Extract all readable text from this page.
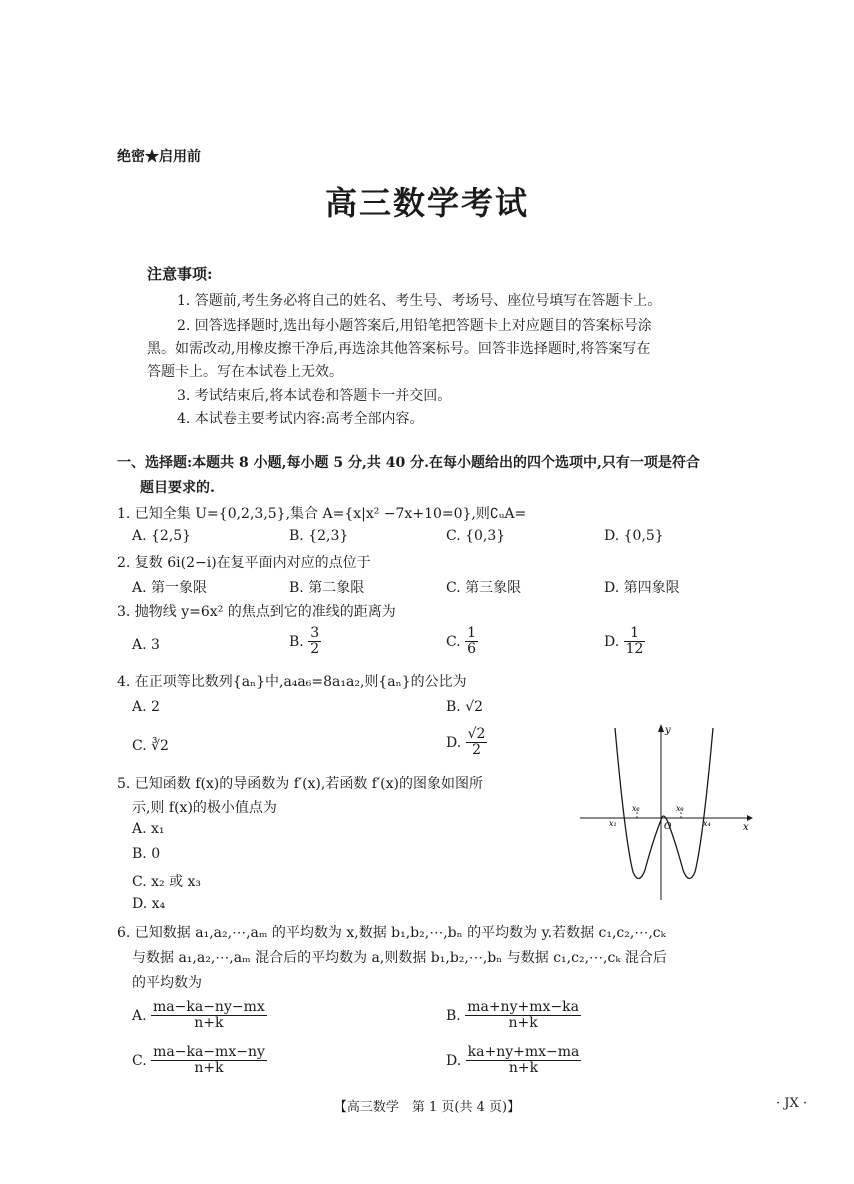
绝密★启用前
高三数学考试
注意事项:
1. 答题前,考生务必将自己的姓名、考生号、考场号、座位号填写在答题卡上。
2. 回答选择题时,选出每小题答案后,用铅笔把答题卡上对应题目的答案标号涂
黑。如需改动,用橡皮擦干净后,再选涂其他答案标号。回答非选择题时,将答案写在
答题卡上。写在本试卷上无效。
3. 考试结束后,将本试卷和答题卡一并交回。
4. 本试卷主要考试内容:高考全部内容。
一、选择题:本题共 8 小题,每小题 5 分,共 40 分.在每小题给出的四个选项中,只有一项是符合
题目要求的.
1. 已知全集 U={0,2,3,5},集合 A={x|x² −7x+10=0},则∁ᵤA=
A. {2,5}	B. {2,3}	C. {0,3}	D. {0,5}
2. 复数 6i(2−i)在复平面内对应的点位于
A. 第一象限	B. 第二象限	C. 第三象限	D. 第四象限
3. 抛物线 y=6x² 的焦点到它的准线的距离为
A. 3	B. $\frac{3}{2}$	C. $\frac{1}{6}$	D. $\frac{1}{12}$
4. 在正项等比数列{aₙ}中,a₄a₆=8a₁a₂,则{aₙ}的公比为
A. 2	B. √2
C. ∛2	D. $\frac{√2}{2}$
5. 已知函数 f(x)的导函数为 f′(x),若函数 f′(x)的图象如图所
示,则 f(x)的极小值点为
A. x₁
B. 0
C. x₂ 或 x₃
D. x₄
y
x
O
x₁
x₂	x₃
x₄
6. 已知数据 a₁,a₂,⋯,aₘ 的平均数为 x,数据 b₁,b₂,⋯,bₙ 的平均数为 y.若数据 c₁,c₂,⋯,cₖ
与数据 a₁,a₂,⋯,aₘ 混合后的平均数为 a,则数据 b₁,b₂,⋯,bₙ 与数据 c₁,c₂,⋯,cₖ 混合后
的平均数为
A. $\frac{ma-ka-ny-mx}{n+k}$	B. $\frac{ma+ny+mx-ka}{n+k}$
C. $\frac{ma-ka-mx-ny}{n+k}$	D. $\frac{ka+ny+mx-ma}{n+k}$
【高三数学　第 1 页(共 4 页)】	· JX ·
